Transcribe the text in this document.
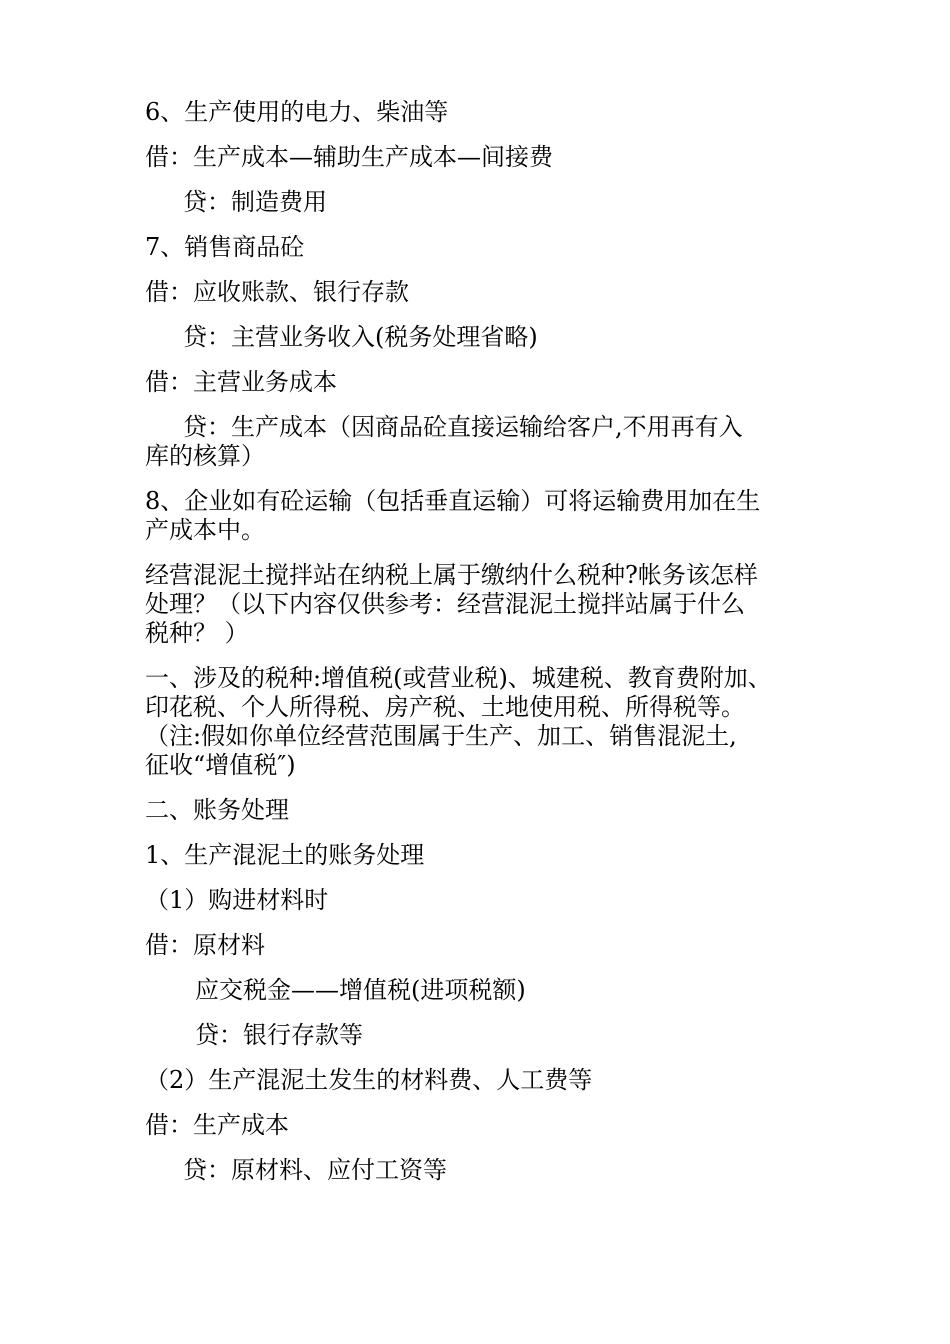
6、生产使用的电力、柴油等
借：生产成本—辅助生产成本—间接费
贷：制造费用
7、销售商品砼
借：应收账款、银行存款
贷：主营业务收入(税务处理省略)
借：主营业务成本
贷：生产成本（因商品砼直接运输给客户,不用再有入
库的核算）
8、企业如有砼运输（包括垂直运输）可将运输费用加在生
产成本中。
经营混泥土搅拌站在纳税上属于缴纳什么税种?帐务该怎样
处理？（以下内容仅供参考：经营混泥土搅拌站属于什么
税种？ ）
一、涉及的税种:增值税(或营业税)、城建税、教育费附加、
印花税、个人所得税、房产税、土地使用税、所得税等。
（注:假如你单位经营范围属于生产、加工、销售混泥土,
征收“增值税″)
二、账务处理
1、生产混泥土的账务处理
（1）购进材料时
借：原材料
应交税金——增值税(进项税额)
贷：银行存款等
（2）生产混泥土发生的材料费、人工费等
借：生产成本
贷：原材料、应付工资等
